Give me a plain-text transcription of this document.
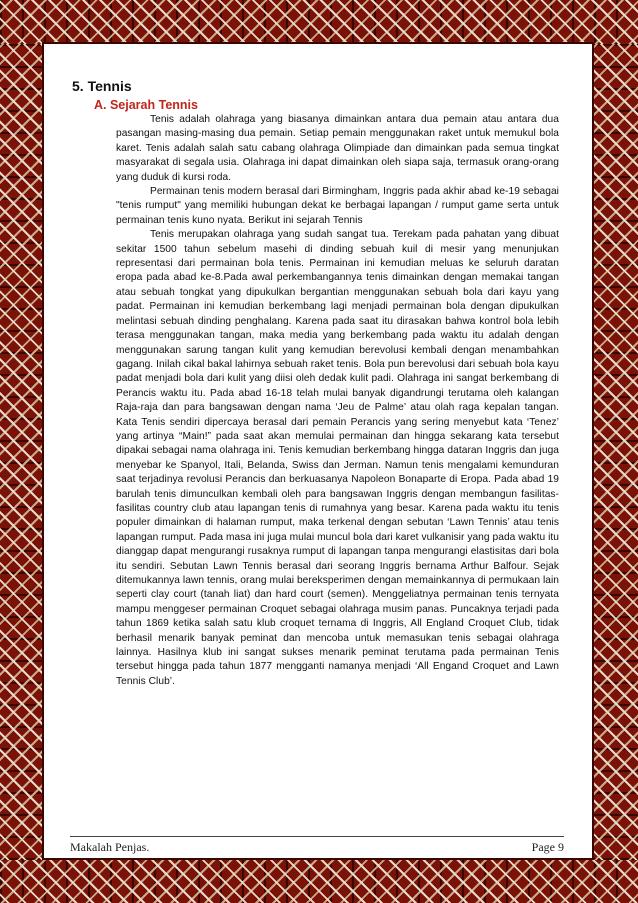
5. Tennis
A. Sejarah Tennis

Tenis adalah olahraga yang biasanya dimainkan antara dua pemain atau antara dua pasangan masing-masing dua pemain. Setiap pemain menggunakan raket untuk memukul bola karet. Tenis adalah salah satu cabang olahraga Olimpiade dan dimainkan pada semua tingkat masyarakat di segala usia. Olahraga ini dapat dimainkan oleh siapa saja, termasuk orang-orang yang duduk di kursi roda.

Permainan tenis modern berasal dari Birmingham, Inggris pada akhir abad ke-19 sebagai "tenis rumput" yang memiliki hubungan dekat ke berbagai lapangan / rumput game serta untuk permainan tenis kuno nyata. Berikut ini sejarah Tennis

Tenis merupakan olahraga yang sudah sangat tua. Terekam pada pahatan yang dibuat sekitar 1500 tahun sebelum masehi di dinding sebuah kuil di mesir yang menunjukan representasi dari permainan bola tenis. Permainan ini kemudian meluas ke seluruh daratan eropa pada abad ke-8.Pada awal perkembangannya tenis dimainkan dengan memakai tangan atau sebuah tongkat yang dipukulkan bergantian menggunakan sebuah bola dari kayu yang padat. Permainan ini kemudian berkembang lagi menjadi permainan bola dengan dipukulkan melintasi sebuah dinding penghalang. Karena pada saat itu dirasakan bahwa kontrol bola lebih terasa menggunakan tangan, maka media yang berkembang pada waktu itu adalah dengan menggunakan sarung tangan kulit yang kemudian berevolusi kembali dengan menambahkan gagang. Inilah cikal bakal lahirnya sebuah raket tenis. Bola pun berevolusi dari sebuah bola kayu padat menjadi bola dari kulit yang diisi oleh dedak kulit padi. Olahraga ini sangat berkembang di Perancis waktu itu. Pada abad 16-18 telah mulai banyak digandrungi terutama oleh kalangan Raja-raja dan para bangsawan dengan nama ‘Jeu de Palme’ atau olah raga kepalan tangan. Kata Tenis sendiri dipercaya berasal dari pemain Perancis yang sering menyebut kata ‘Tenez’ yang artinya “Main!” pada saat akan memulai permainan dan hingga sekarang kata tersebut dipakai sebagai nama olahraga ini. Tenis kemudian berkembang hingga dataran Inggris dan juga menyebar ke Spanyol, Itali, Belanda, Swiss dan Jerman. Namun tenis mengalami kemunduran saat terjadinya revolusi Perancis dan berkuasanya Napoleon Bonaparte di Eropa. Pada abad 19 barulah tenis dimunculkan kembali oleh para bangsawan Inggris dengan membangun fasilitas-fasilitas country club atau lapangan tenis di rumahnya yang besar. Karena pada waktu itu tenis populer dimainkan di halaman rumput, maka terkenal dengan sebutan ‘Lawn Tennis’ atau tenis lapangan rumput. Pada masa ini juga mulai muncul bola dari karet vulkanisir yang pada waktu itu dianggap dapat mengurangi rusaknya rumput di lapangan tanpa mengurangi elastisitas dari bola itu sendiri. Sebutan Lawn Tennis berasal dari seorang Inggris bernama Arthur Balfour. Sejak ditemukannya lawn tennis, orang mulai bereksperimen dengan memainkannya di permukaan lain seperti clay court (tanah liat) dan hard court (semen). Menggeliatnya permainan tenis ternyata mampu menggeser permainan Croquet sebagai olahraga musim panas. Puncaknya terjadi pada tahun 1869 ketika salah satu klub croquet ternama di Inggris, All England Croquet Club, tidak berhasil menarik banyak peminat dan mencoba untuk memasukan tenis sebagai olahraga lainnya. Hasilnya klub ini sangat sukses menarik peminat terutama pada permainan Tenis tersebut hingga pada tahun 1877 mengganti namanya menjadi ‘All Engand Croquet and Lawn Tennis Club’.

Makalah Penjas.	Page 9
